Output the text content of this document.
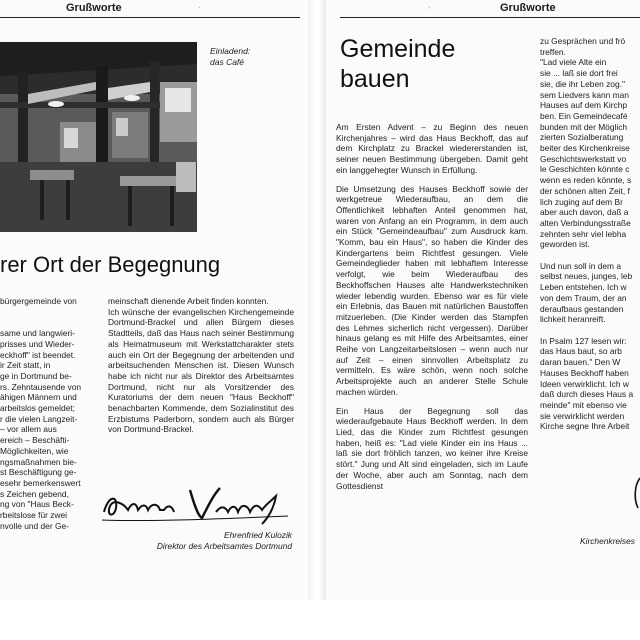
Grußworte	ˊ
Einladend:
das Café
rer Ort der Begegnung
bürgergemeinde von

same und langwieri-
prisses und Wieder-
eckhoff" ist beendet.
ir Zeit statt, in
ge in Dortmund be-
rs. Zehntausende von
ähigen Männern und
arbeitslos gemeldet;
r die vielen Langzeit-
– vor allem aus
ereich – Beschäfti-
Möglichkeiten, wie
ngsmaßnahmen bie-
st Beschäftigung ge-
esehr bemerkenswert
s Zeichen gebend,
ng von "Haus Beck-
rbeitslose für zwei
nvolle und der Ge-

meinschaft dienende Arbeit finden konnten.

Ich wünsche der evangelischen Kirchengemeinde Dortmund-Brackel und allen Bürgern dieses Stadtteils, daß das Haus nach seiner Bestimmung als Heimatmuseum mit Werkstattcharakter stets auch ein Ort der Begegnung der arbeitenden und arbeitsuchenden Menschen ist. Diesen Wunsch habe ich nicht nur als Direktor des Arbeitsamtes Dortmund, nicht nur als Vorsitzender des Kuratoriums der dem neuen "Haus Beckhoff" benachbarten Kommende, dem Sozialinstitut des Erzbistums Paderborn, sondern auch als Bürger von Dortmund-Brackel.

Ehrenfried Kulozik
Direktor des Arbeitsamtes Dortmund
Grußworte
ˋ
Gemeinde
bauen

Am Ersten Advent – zu Beginn des neuen Kirchenjahres – wird das Haus Beckhoff, das auf dem Kirchplatz zu Brackel wiedererstanden ist, seiner neuen Bestimmung übergeben. Damit geht ein langgehegter Wunsch in Erfüllung.

Die Umsetzung des Hauses Beckhoff sowie der werkgetreue Wiederaufbau, an dem die Öffentlichkeit lebhaften Anteil genommen hat, waren von Anfang an ein Programm, in dem auch ein Stück "Gemeindeaufbau" zum Ausdruck kam. "Komm, bau ein Haus", so haben die Kinder des Kindergartens beim Richtfest gesungen. Viele Gemeindeglieder haben mit lebhaftem Interesse verfolgt, wie beim Wiederaufbau des Beckhoffschen Hauses alte Handwerkstechniken wieder lebendig wurden. Ebenso war es für viele ein Erlebnis, das Bauen mit natürlichen Baustoffen mitzuerleben. (Die Kinder werden das Stampfen des Lehmes sicherlich nicht vergessen). Darüber hinaus gelang es mit Hilfe des Arbeitsamtes, einer Reihe von Langzeitarbeitslosen – wenn auch nur auf Zeit – einen sinnvollen Arbeitsplatz zu vermitteln. Es wäre schön, wenn noch solche Arbeitsprojekte auch an anderer Stelle Schule machen würden.

Ein Haus der Begegnung soll das wiederaufgebaute Haus Beckhoff werden. In dem Lied, das die Kinder zum Richtfest gesungen haben, heiß es: "Lad viele Kinder ein ins Haus ... laß sie dort fröhlich tanzen, wo keiner ihre Kreise stört." Jung und Alt sind eingeladen, sich im Laufe der Woche, aber auch am Sonntag, nach dem Gottesdienst

zu Gesprächen und frö
treffen.
"Lad viele Alte ein
sie ... laß sie dort frei
sie, die ihr Leben zog."
sem Liedvers kann man
Hauses auf dem Kirchp
ben. Ein Gemeindecafé
bunden mit der Möglich
zierten Sozialberatung
beiter des Kirchenkreise
Geschichtswerkstatt vo
le Geschichten könnte c
wenn es reden könnte, s
der schönen alten Zeit, f
lich zuging auf dem Br
aber auch davon, daß a
alten Verbindungsstraße
zehnten sehr viel lebha
geworden ist.

Und nun soll in dem a
selbst neues, junges, leb
Leben entstehen. Ich w
von dem Traum, der an
deraufbaus gestanden
lichkeit heranreift.

In Psalm 127 lesen wir:
das Haus baut, so arb
daran bauen." Den W
Hauses Beckhoff haben
Ideen verwirklicht. Ich w
daß durch dieses Haus a
meinde" mit ebenso vie
sie verwirklicht werden
Kirche segne Ihre Arbeit
Kirchenkreises
